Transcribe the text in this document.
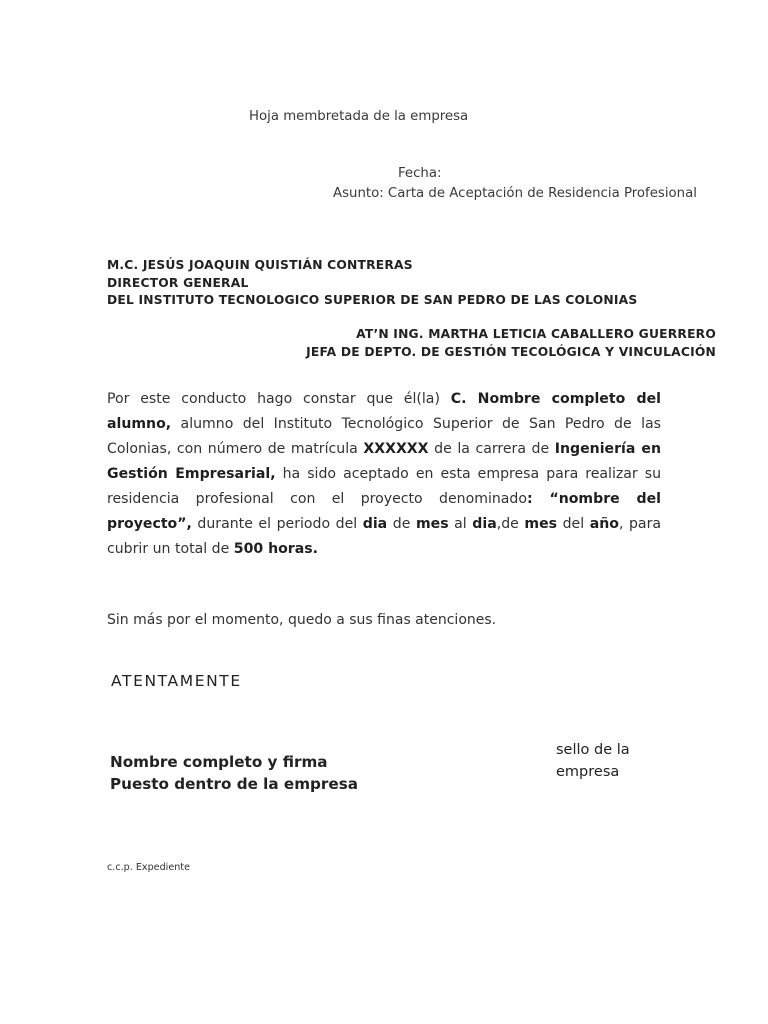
Hoja membretada de la empresa
Fecha:
Asunto: Carta de Aceptación de Residencia Profesional
M.C. JESÚS JOAQUIN QUISTIÁN CONTRERAS
DIRECTOR GENERAL
DEL INSTITUTO TECNOLOGICO SUPERIOR DE SAN PEDRO DE LAS COLONIAS
AT’N ING. MARTHA LETICIA CABALLERO GUERRERO
JEFA DE DEPTO. DE GESTIÓN TECOLÓGICA Y VINCULACIÓN
Por este conducto hago constar que él(la) C. Nombre completo del alumno, alumno del Instituto Tecnológico Superior de San Pedro de las Colonias, con número de matrícula XXXXXX de la carrera de Ingeniería en Gestión Empresarial, ha sido aceptado en esta empresa para realizar su residencia profesional con el proyecto denominado: “nombre del proyecto”, durante el periodo del dia de mes al dia,de mes del año, para cubrir un total de 500 horas.
Sin más por el momento, quedo a sus finas atenciones.
ATENTAMENTE
Nombre completo y firma
Puesto dentro de la empresa
sello de la
empresa
c.c.p. Expediente
